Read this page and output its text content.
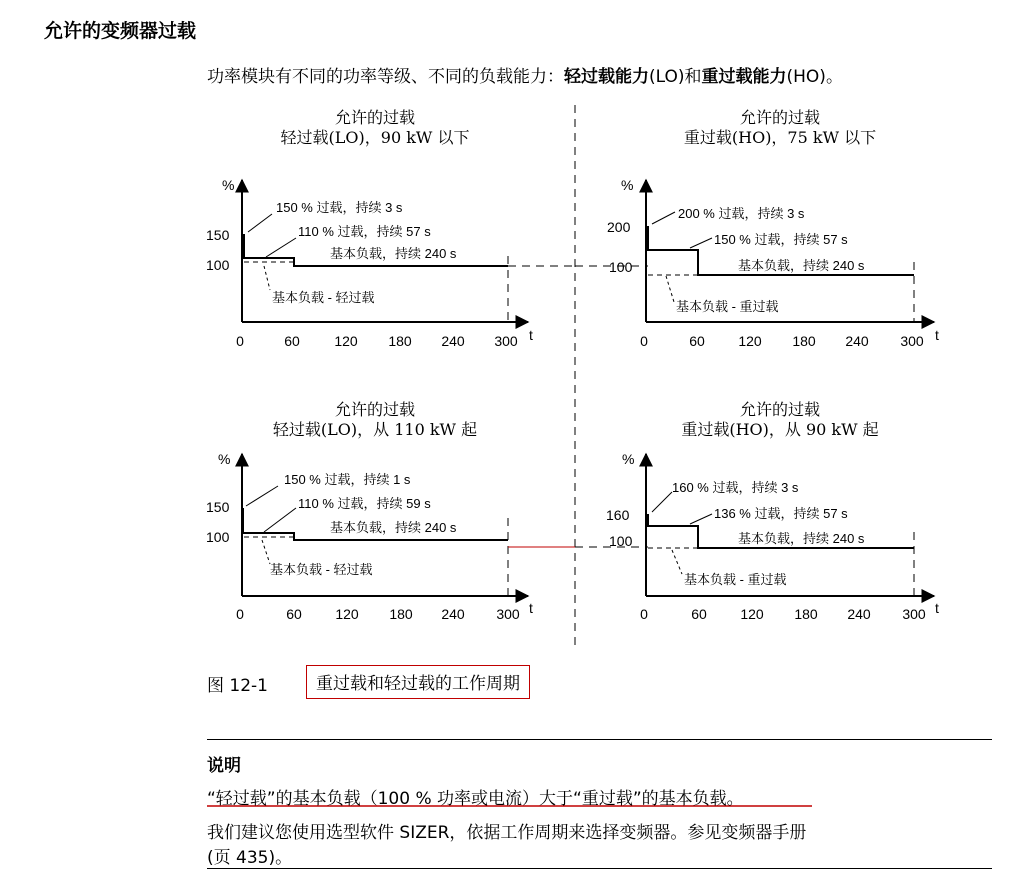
允许的变频器过载
功率模块有不同的功率等级、不同的负载能力：轻过载能力(LO)和重过载能力(HO)。
允许的过载
轻过载(LO)，90 kW 以下
允许的过载
重过载(HO)，75 kW 以下
允许的过载
轻过载(LO)，从 110 kW 起
允许的过载
重过载(HO)，从 90 kW 起
%
150
100
t
0	60 120 180 240 300
150 % 过载，持续 3 s
110 % 过载，持续 57 s
基本负载，持续 240 s
基本负载 - 轻过载
%
200
100
t
0	60 120 180 240 300
200 % 过载，持续 3 s
150 % 过载，持续 57 s
基本负载，持续 240 s
基本负载 - 重过载
%
150
100
t
0	60 120 180 240 300
150 % 过载，持续 1 s
110 % 过载，持续 59 s
基本负载，持续 240 s
基本负载 - 轻过载
%
160
100
t
0	60 120 180 240 300
160 % 过载，持续 3 s
136 % 过载，持续 57 s
基本负载，持续 240 s
基本负载 - 重过载
图 12-1	重过载和轻过载的工作周期
说明
“轻过载”的基本负载（100 % 功率或电流）大于“重过载”的基本负载。
我们建议您使用选型软件 SIZER，依据工作周期来选择变频器。参见变频器手册
(页 435)。
